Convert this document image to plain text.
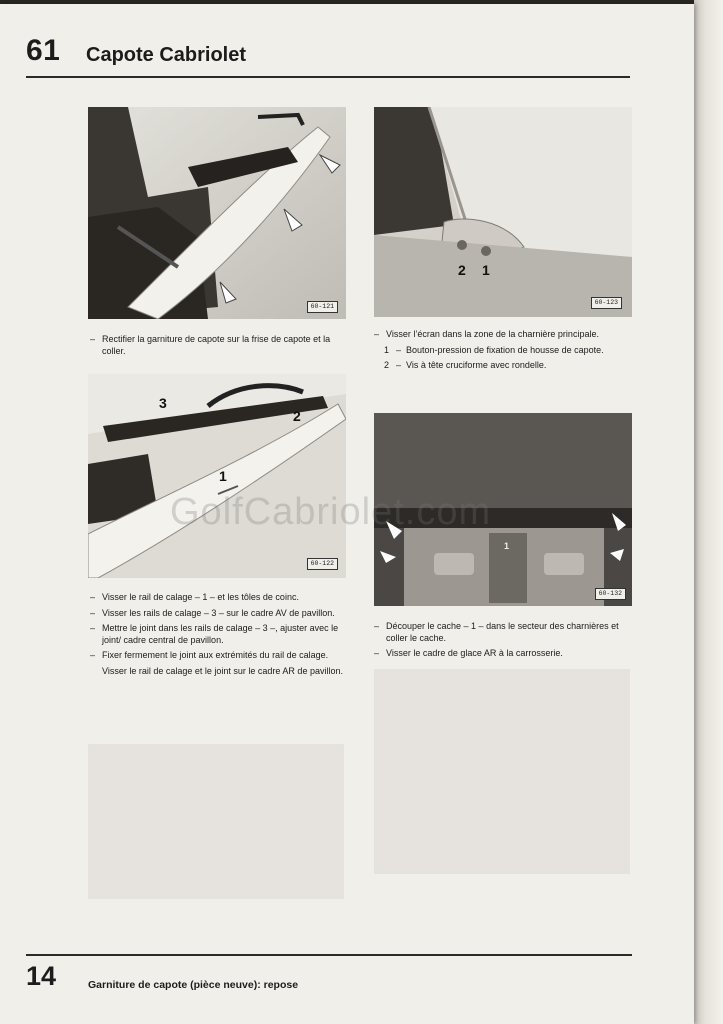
61 Capote Cabriolet
60-121
2 1
60-123
– Rectifier la garniture de capote sur la frise de capote et la coller.
– Visser l’écran dans la zone de la charnière principale.
1 – Bouton-pression de fixation de housse de capote.
2 – Vis à tête cruciforme avec rondelle.
3
2
1
60-122
1
60-132
GolfCabriolet.com
– Visser le rail de calage – 1 – et les tôles de coinc.
– Visser les rails de calage – 3 – sur le cadre AV de pavillon.
– Mettre le joint dans les rails de calage – 3 –, ajuster avec le joint/ cadre central de pavillon.
– Fixer fermement le joint aux extrémités du rail de calage.
Visser le rail de calage et le joint sur le cadre AR de pavillon.
– Découper le cache – 1 – dans le secteur des charnières et coller le cache.
– Visser le cadre de glace AR à la carrosserie.
14	Garniture de capote (pièce neuve): repose
